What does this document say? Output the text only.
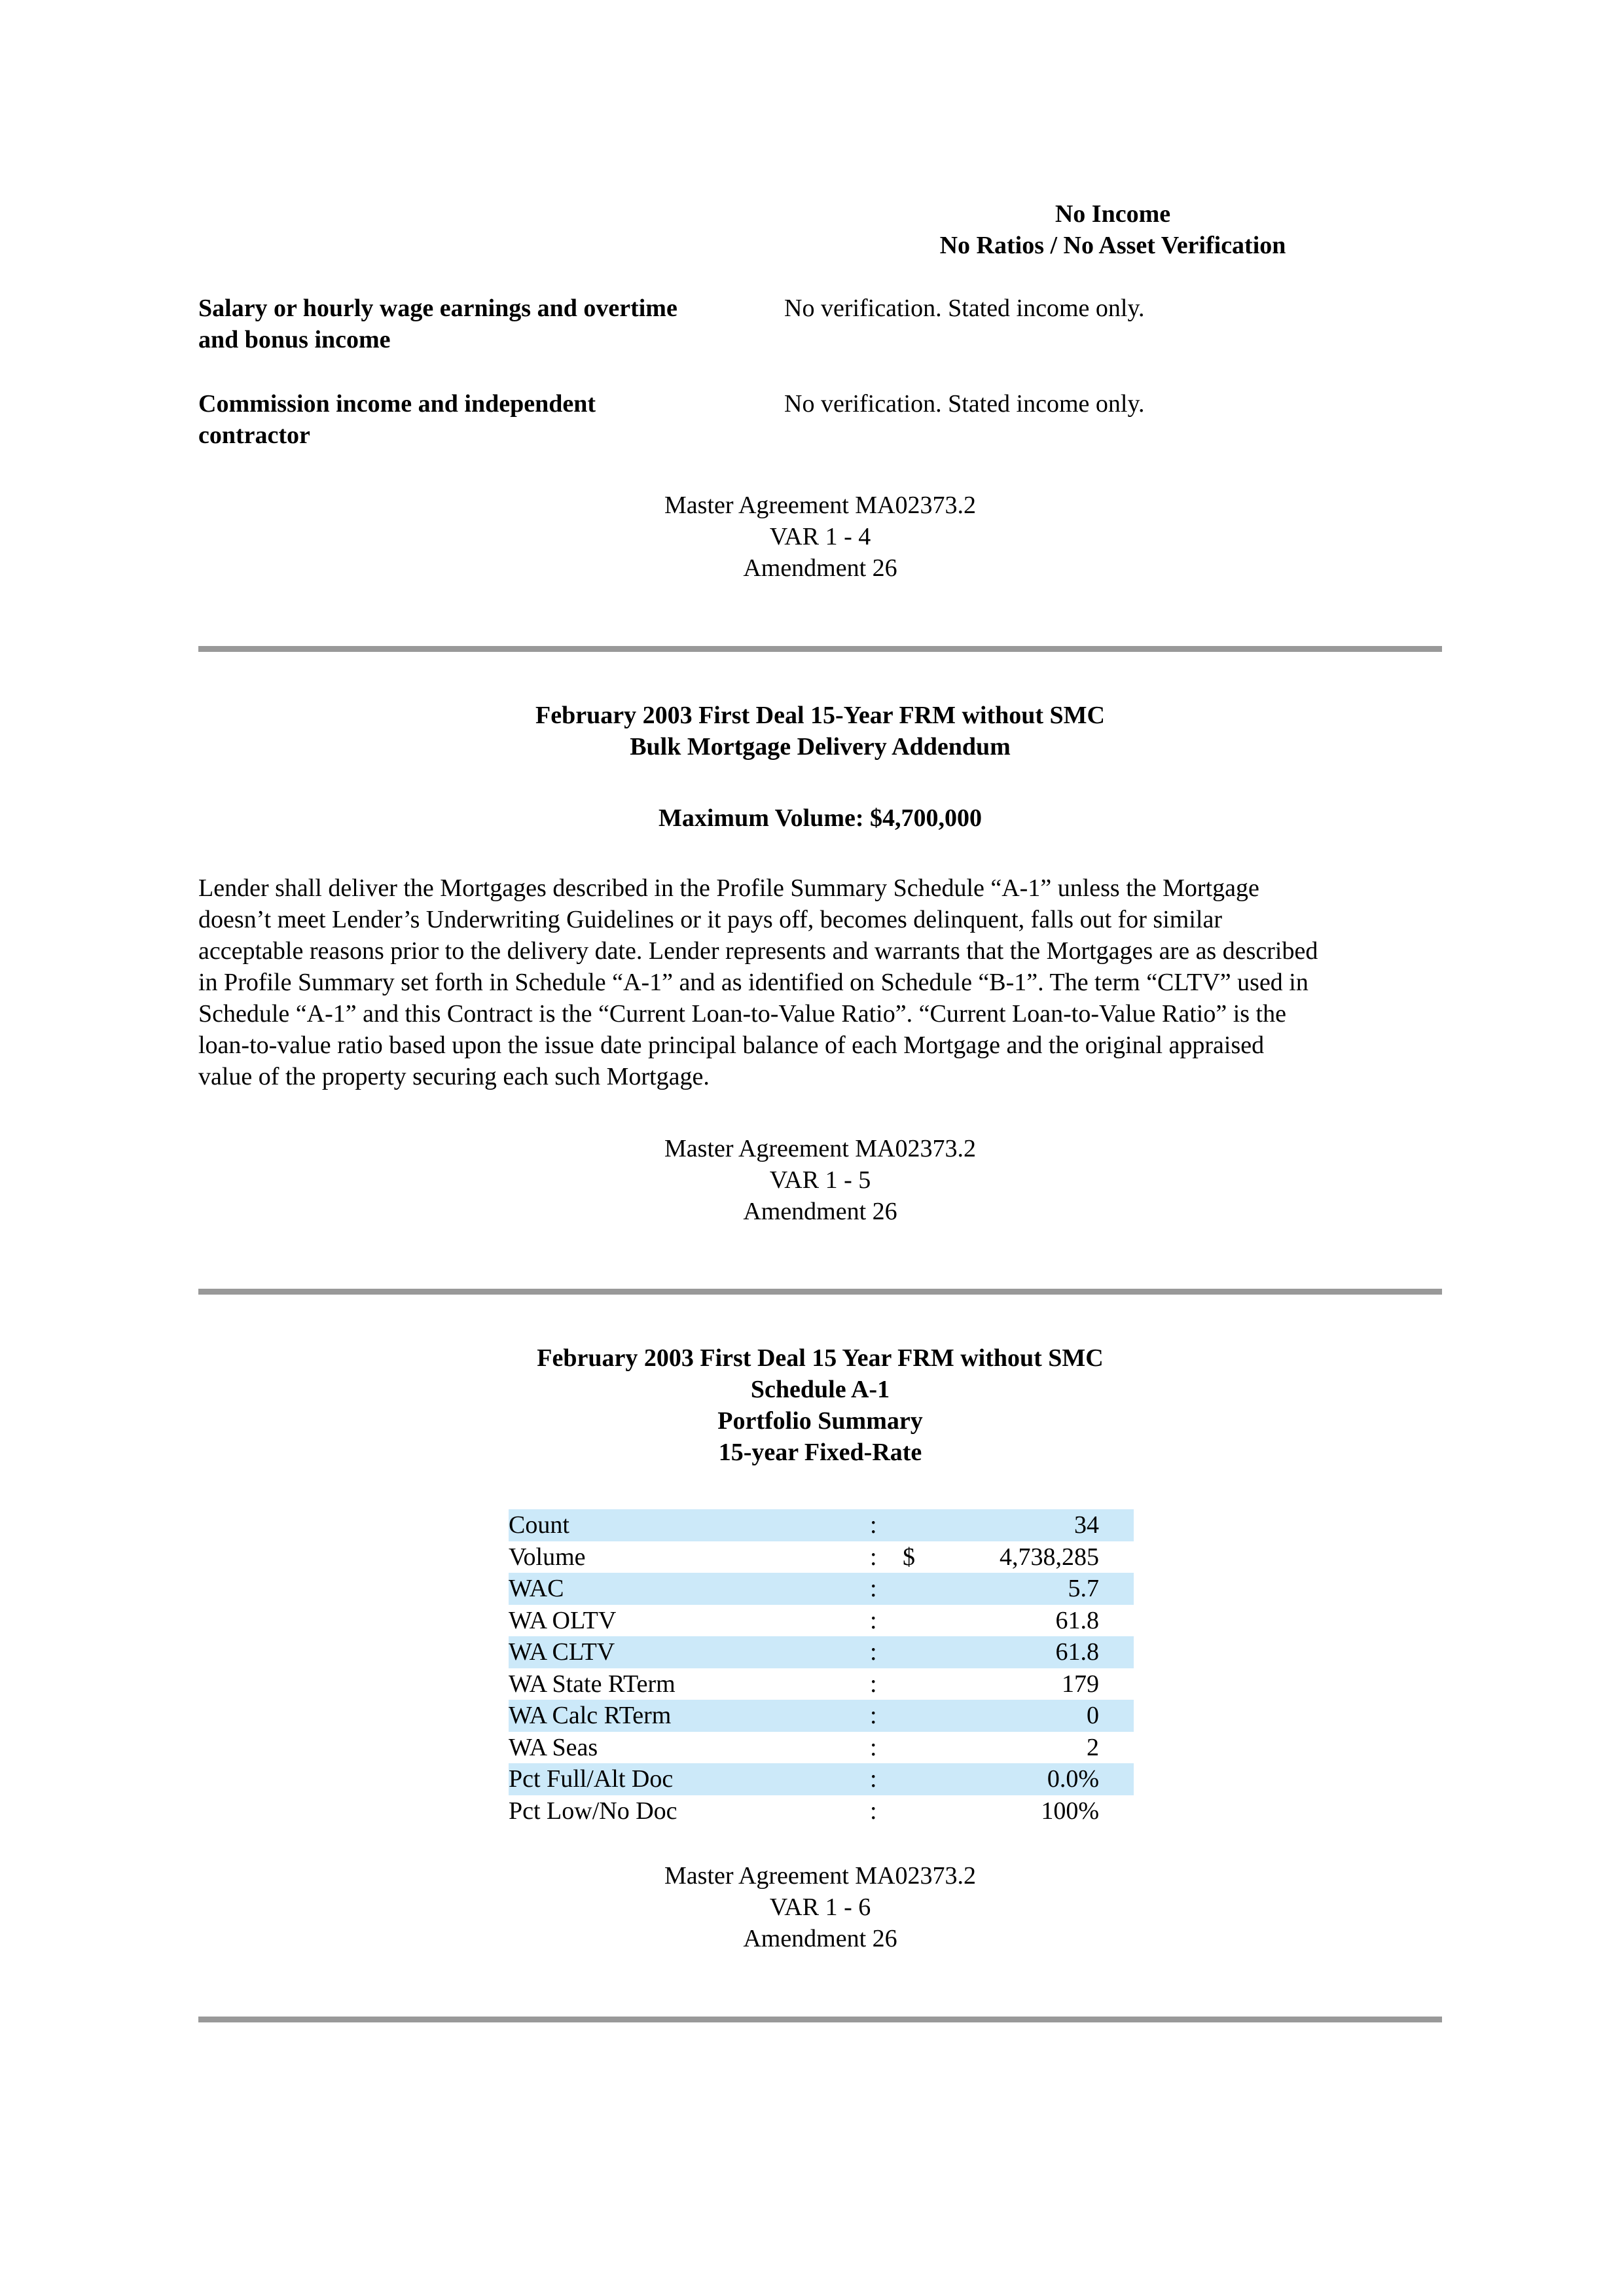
No Income
No Ratios / No Asset Verification
Salary or hourly wage earnings and overtime
and bonus income
No verification. Stated income only.
Commission income and independent
contractor
No verification. Stated income only.
Master Agreement MA02373.2
VAR 1 - 4
Amendment 26
February 2003 First Deal 15-Year FRM without SMC
Bulk Mortgage Delivery Addendum
Maximum Volume: $4,700,000
Lender shall deliver the Mortgages described in the Profile Summary Schedule “A-1” unless the Mortgage
doesn’t meet Lender’s Underwriting Guidelines or it pays off, becomes delinquent, falls out for similar
acceptable reasons prior to the delivery date. Lender represents and warrants that the Mortgages are as described
in Profile Summary set forth in Schedule “A-1” and as identified on Schedule “B-1”. The term “CLTV” used in
Schedule “A-1” and this Contract is the “Current Loan-to-Value Ratio”. “Current Loan-to-Value Ratio” is the
loan-to-value ratio based upon the issue date principal balance of each Mortgage and the original appraised
value of the property securing each such Mortgage.
Master Agreement MA02373.2
VAR 1 - 5
Amendment 26
February 2003 First Deal 15 Year FRM without SMC
Schedule A-1
Portfolio Summary
15-year Fixed-Rate
Count	:		34	
Volume	:	$	4,738,285	
WAC	:		5.7	
WA OLTV	:		61.8	
WA CLTV	:		61.8	
WA State RTerm	:		179	
WA Calc RTerm	:		0	
WA Seas	:		2	
Pct Full/Alt Doc	:		0.0%	
Pct Low/No Doc	:		100%	
Master Agreement MA02373.2
VAR 1 - 6
Amendment 26
